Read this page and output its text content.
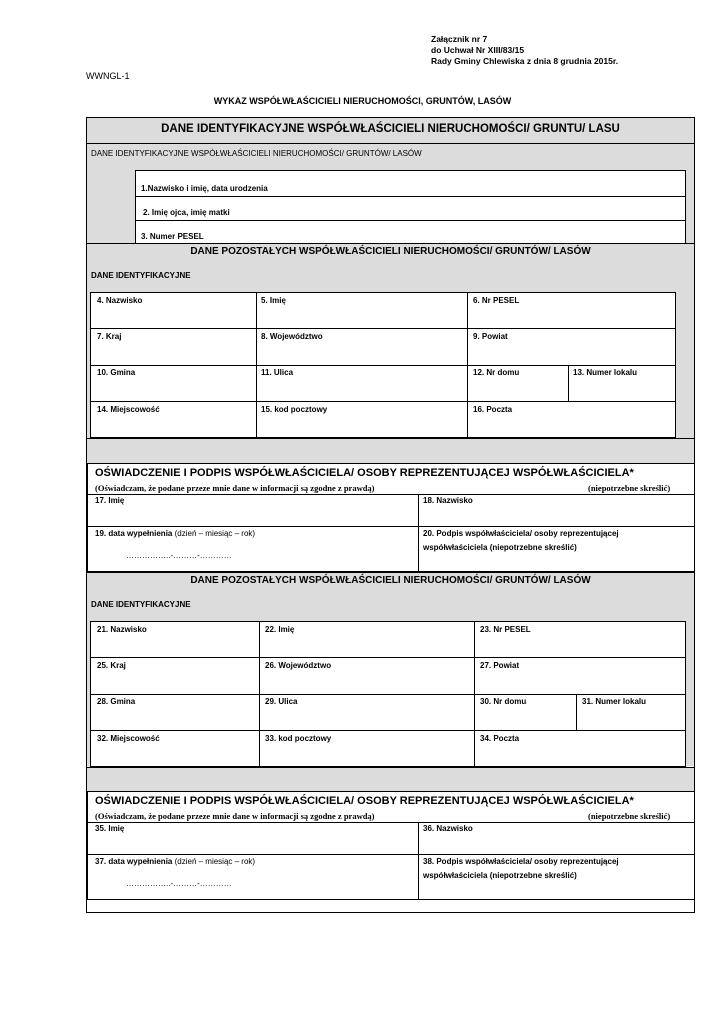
Załącznik nr 7
do Uchwał Nr XIII/83/15
Rady Gminy Chlewiska z dnia 8 grudnia 2015r.
WWNGL-1
WYKAZ WSPÓŁWŁAŚCICIELI NIERUCHOMOŚCI, GRUNTÓW, LASÓW
DANE IDENTYFIKACYJNE WSPÓŁWŁAŚCICIELI NIERUCHOMOŚCI/ GRUNTU/ LASU
DANE IDENTYFIKACYJNE WSPÓŁWŁAŚCICIELI NIERUCHOMOŚCI/ GRUNTÓW/ LASÓW
1.Nazwisko i imię, data urodzenia
2. Imię ojca, imię matki
3. Numer PESEL
DANE POZOSTAŁYCH WSPÓŁWŁAŚCICIELI NIERUCHOMOŚCI/ GRUNTÓW/ LASÓW
DANE IDENTYFIKACYJNE
4. Nazwisko	5. Imię	6. Nr PESEL
7. Kraj	8. Województwo	9. Powiat
10. Gmina	11. Ulica	12. Nr domu	13. Numer lokalu
14. Miejscowość	15. kod pocztowy	16. Poczta
OŚWIADCZENIE I PODPIS WSPÓŁWŁAŚCICIELA/ OSOBY REPREZENTUJĄCEJ WSPÓŁWŁAŚCICIELA*
(Oświadczam, że podane przeze mnie dane w informacji są zgodne z prawdą)	(niepotrzebne skreślić)
17. Imię	18. Nazwisko
19. data wypełnienia (dzień – miesiąc – rok)
……………..-………-…………
20. Podpis współwłaściciela/ osoby reprezentującej
współwłaściciela (niepotrzebne skreślić)
DANE POZOSTAŁYCH WSPÓŁWŁAŚCICIELI NIERUCHOMOŚCI/ GRUNTÓW/ LASÓW
DANE IDENTYFIKACYJNE
21. Nazwisko	22. Imię	23. Nr PESEL
25. Kraj	26. Województwo	27. Powiat
28. Gmina	29. Ulica	30. Nr domu	31. Numer lokalu
32. Miejscowość	33. kod pocztowy	34. Poczta
OŚWIADCZENIE I PODPIS WSPÓŁWŁAŚCICIELA/ OSOBY REPREZENTUJĄCEJ WSPÓŁWŁAŚCICIELA*
(Oświadczam, że podane przeze mnie dane w informacji są zgodne z prawdą)	(niepotrzebne skreślić)
35. Imię	36. Nazwisko
37. data wypełnienia (dzień – miesiąc – rok)
……………..-………-…………
38. Podpis współwłaściciela/ osoby reprezentującej
współwłaściciela (niepotrzebne skreślić)
